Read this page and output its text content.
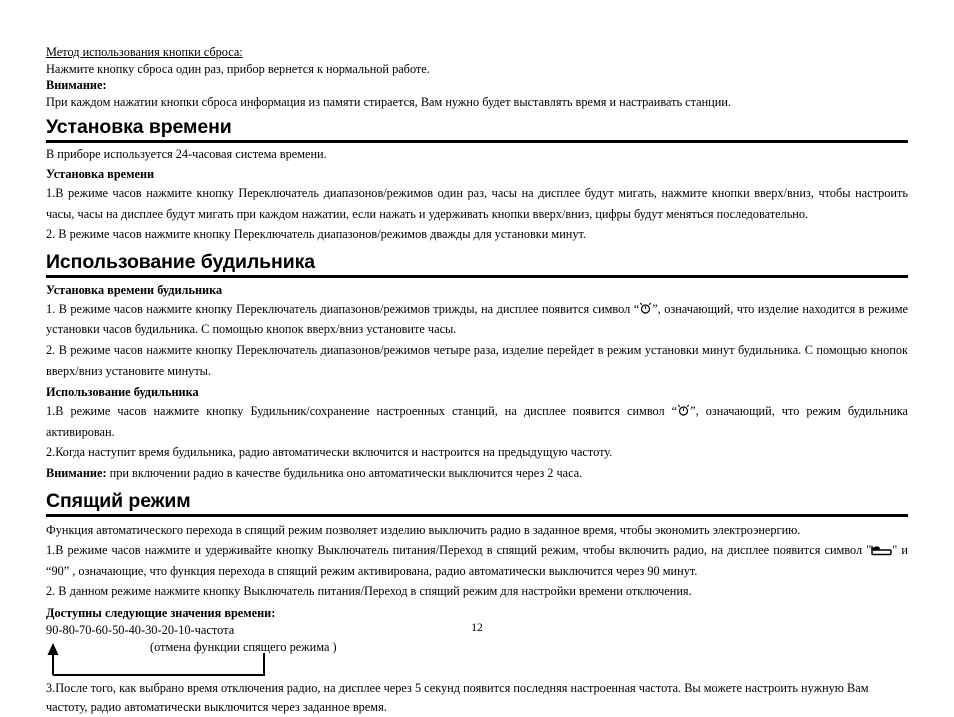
Метод использования кнопки сброса:
Нажмите кнопку сброса один раз, прибор вернется к нормальной работе.
Внимание:
При каждом нажатии кнопки сброса информация из памяти стирается, Вам нужно будет выставлять время и настраивать станции.
Установка времени
В приборе используется 24-часовая система времени.
Установка времени

1.В режиме часов нажмите кнопку Переключатель диапазонов/режимов один раз, часы на дисплее будут мигать, нажмите кнопки вверх/вниз, чтобы настроить часы, часы на дисплее будут мигать при каждом нажатии, если нажать и удерживать кнопки вверх/вниз, цифры будут меняться последовательно.

2. В режиме часов нажмите кнопку Переключатель диапазонов/режимов дважды для установки минут.

Использование будильника
Установка времени будильника

1. В режиме часов нажмите кнопку Переключатель диапазонов/режимов трижды, на дисплее появится символ “ ”, означающий, что изделие находится в режиме установки часов будильника. С помощью кнопок вверх/вниз установите часы.

2. В режиме часов нажмите кнопку Переключатель диапазонов/режимов четыре раза, изделие перейдет в режим установки минут будильника. С помощью кнопок вверх/вниз установите минуты.

Использование будильника

1.В режиме часов нажмите кнопку Будильник/сохранение настроенных станций, на дисплее появится символ “ ”, означающий, что режим будильника активирован.

2.Когда наступит время будильника, радио автоматически включится и настроится на предыдущую частоту.

Внимание: при включении радио в качестве будильника оно автоматически выключится через 2 часа.

Спящий режим

Функция автоматического перехода в спящий режим позволяет изделию выключить радио в заданное время, чтобы экономить электроэнергию.

1.В режиме часов нажмите и удерживайте кнопку Выключатель питания/Переход в спящий режим, чтобы включить радио, на дисплее появится символ " " и “90” , означающие, что функция перехода в спящий режим активирована, радио автоматически выключится через 90 минут.

2. В данном режиме нажмите кнопку Выключатель питания/Переход в спящий режим для настройки времени отключения.

Доступны следующие значения времени:
90-80-70-60-50-40-30-20-10-частота
(отмена функции спящего режима )

3.После того, как выбрано время отключения радио, на дисплее через 5 секунд появится последняя настроенная частота. Вы можете настроить нужную Вам частоту, радио автоматически выключится через заданное время.

12
